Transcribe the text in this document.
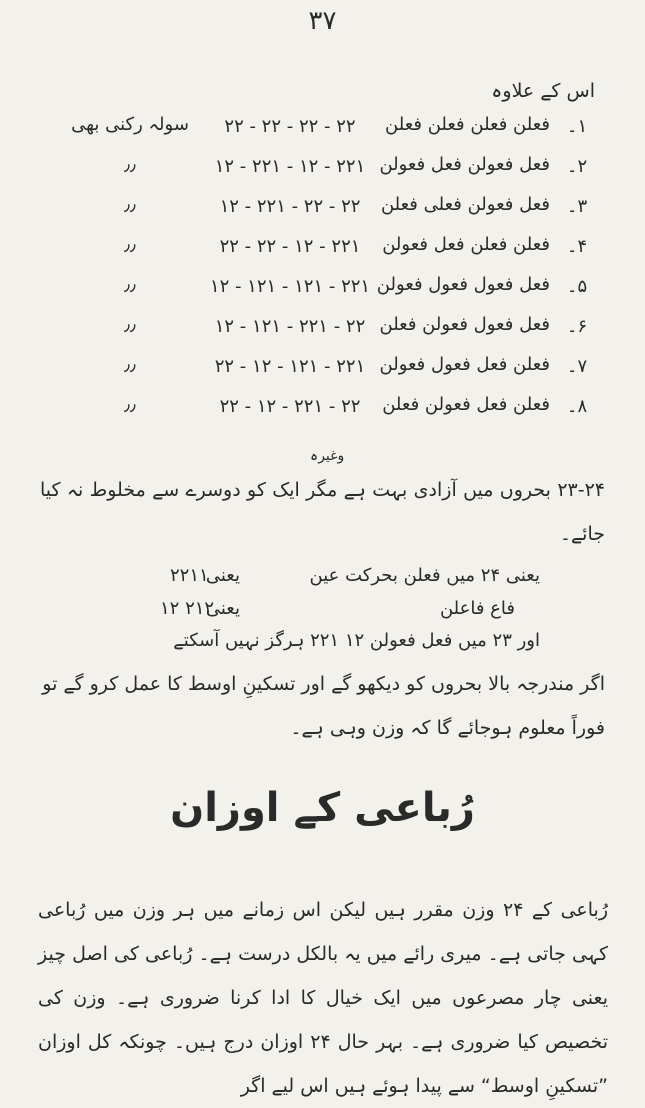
۳۷
اس کے علاوہ
۱۔
فعلن فعلن فعلن فعلن
۲۲ - ۲۲ - ۲۲ - ۲۲
سولہ رکنی بھی
۲۔
فعل فعولن فعل فعولن
۱۲ - ۲۲۱ - ۱۲ - ۲۲۱
٫٫
۳۔
فعل فعولن فعلی فعلن
۱۲ - ۲۲۱ - ۲۲ - ۲۲
٫٫
۴۔
فعلن فعلن فعل فعولن
۲۲ - ۲۲ - ۱۲ - ۲۲۱
٫٫
۵۔
فعل فعول فعول فعولن
۱۲ - ۱۲۱ - ۱۲۱ - ۲۲۱
٫٫
۶۔
فعل فعول فعولن فعلن
۱۲ - ۱۲۱ - ۲۲۱ - ۲۲
٫٫
۷۔
فعلن فعل فعول فعولن
۲۲ - ۱۲ - ۱۲۱ - ۲۲۱
٫٫
۸۔
فعلن فعل فعولن فعلن
۲۲ - ۱۲ - ۲۲۱ - ۲۲
٫٫
وغیرہ
۲۳-۲۴ بحروں میں آزادی بہت ہے مگر ایک کو دوسرے سے مخلوط نہ کیا جائے۔
یعنی ۲۴ میں فعلن بحرکت عین
یعنی
۲۲۱۱
فاع فاعلن
یعنی
۲۱۲ ۱۲
اور ۲۳ میں فعل فعولن ۱۲ ۲۲۱ ہرگز نہیں آسکتے
اگر مندرجہ بالا بحروں کو دیکھو گے اور تسکینِ اوسط کا عمل کرو گے تو فوراً معلوم ہوجائے گا کہ وزن وہی ہے۔
رُباعی کے اوزان
رُباعی کے ۲۴ وزن مقرر ہیں لیکن اس زمانے میں ہر وزن میں رُباعی کہی جاتی ہے۔ میری رائے میں یہ بالکل درست ہے۔ رُباعی کی اصل چیز یعنی چار مصرعوں میں ایک خیال کا ادا کرنا ضروری ہے۔ وزن کی تخصیص کیا ضروری ہے۔ بہر حال ۲۴ اوزان درج ہیں۔ چونکہ کل اوزان ”تسکینِ اوسط“ سے پیدا ہوئے ہیں اس لیے اگر
